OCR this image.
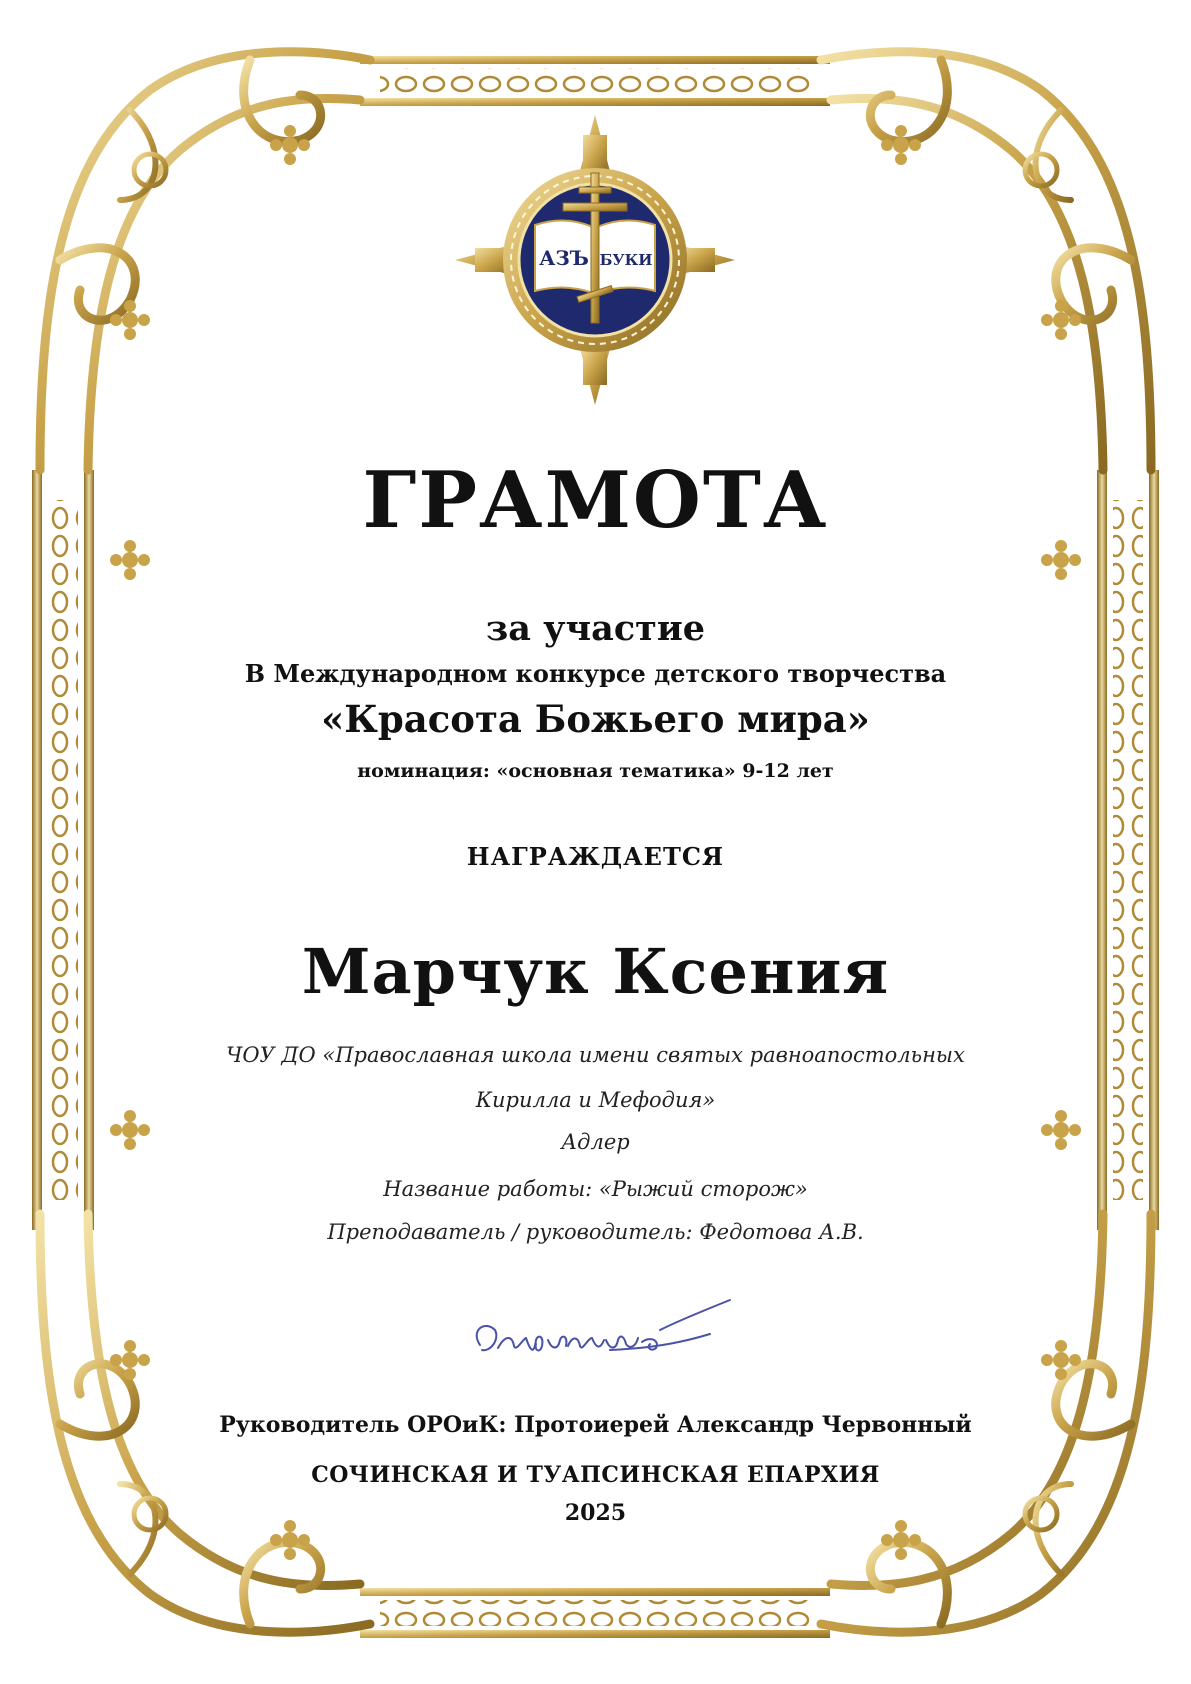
АЗЪ БУКИ
ГРАМОТА
за участие
В Международном конкурсе детского творчества
«Красота Божьего мира»
номинация: «основная тематика» 9-12 лет
НАГРАЖДАЕТСЯ
Марчук Ксения
ЧОУ ДО «Православная школа имени святых равноапостольных
Кирилла и Мефодия»
Адлер
Название работы: «Рыжий сторож»
Преподаватель / руководитель: Федотова А.В.
Руководитель ОРОиК: Протоиерей Александр Червонный
СОЧИНСКАЯ И ТУАПСИНСКАЯ ЕПАРХИЯ
2025
